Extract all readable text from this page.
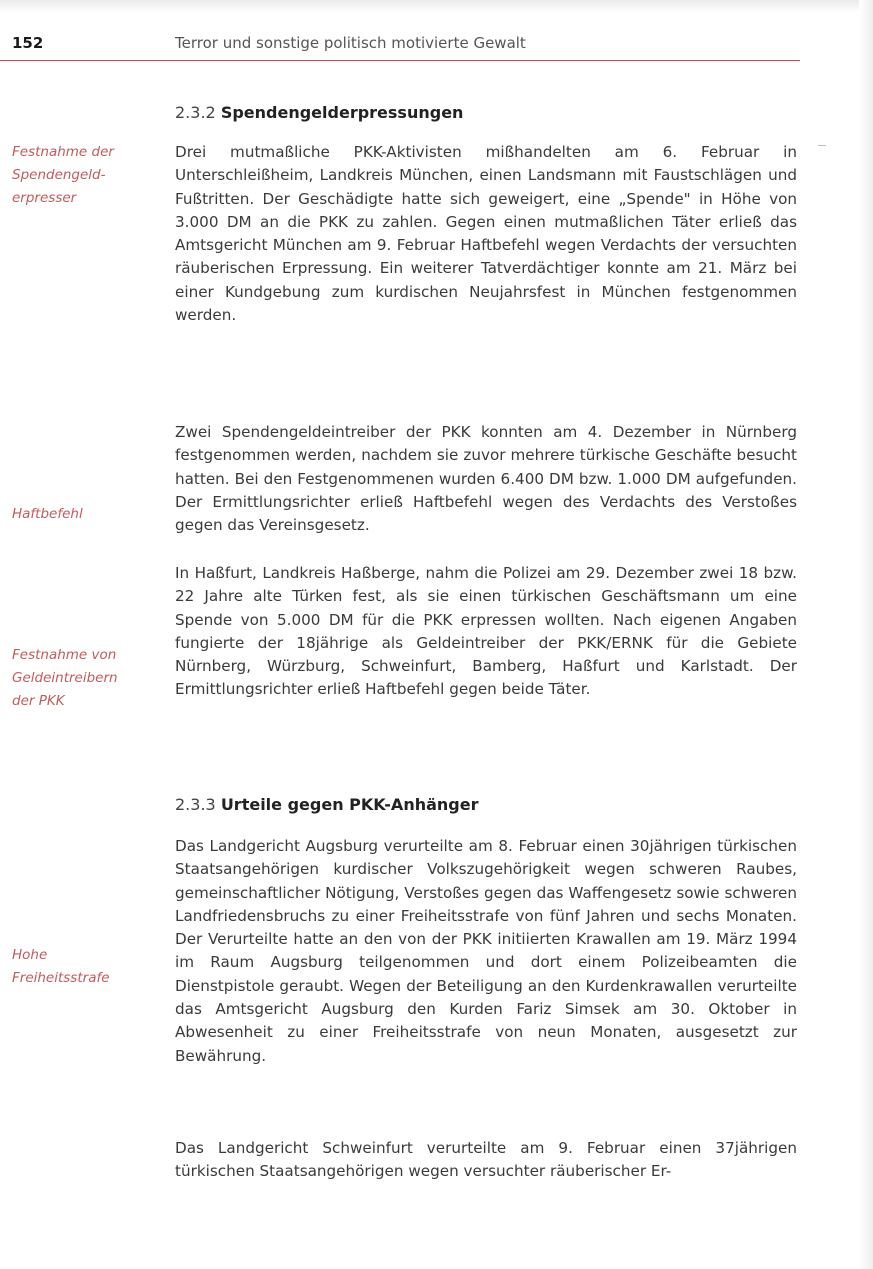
152	Terror und sonstige politisch motivierte Gewalt
2.3.2 Spendengelderpressungen

Drei mutmaßliche PKK-Aktivisten mißhandelten am 6. Februar in Unterschleißheim, Landkreis München, einen Landsmann mit Faustschlägen und Fußtritten. Der Geschädigte hatte sich geweigert, eine „Spende" in Höhe von 3.000 DM an die PKK zu zahlen. Gegen einen mutmaßlichen Täter erließ das Amtsgericht München am 9. Februar Haftbefehl wegen Verdachts der versuchten räuberischen Erpressung. Ein weiterer Tatverdächtiger konnte am 21. März bei einer Kundgebung zum kurdischen Neujahrsfest in München festgenommen werden.

Zwei Spendengeldeintreiber der PKK konnten am 4. Dezember in Nürnberg festgenommen werden, nachdem sie zuvor mehrere türkische Geschäfte besucht hatten. Bei den Festgenommenen wurden 6.400 DM bzw. 1.000 DM aufgefunden. Der Ermittlungsrichter erließ Haftbefehl wegen des Verdachts des Verstoßes gegen das Vereinsgesetz.

In Haßfurt, Landkreis Haßberge, nahm die Polizei am 29. Dezember zwei 18 bzw. 22 Jahre alte Türken fest, als sie einen türkischen Geschäftsmann um eine Spende von 5.000 DM für die PKK erpressen wollten. Nach eigenen Angaben fungierte der 18jährige als Geldeintreiber der PKK/ERNK für die Gebiete Nürnberg, Würzburg, Schweinfurt, Bamberg, Haßfurt und Karlstadt. Der Ermittlungsrichter erließ Haftbefehl gegen beide Täter.

2.3.3 Urteile gegen PKK-Anhänger

Das Landgericht Augsburg verurteilte am 8. Februar einen 30jährigen türkischen Staatsangehörigen kurdischer Volkszugehörigkeit wegen schweren Raubes, gemeinschaftlicher Nötigung, Verstoßes gegen das Waffengesetz sowie schweren Landfriedensbruchs zu einer Freiheitsstrafe von fünf Jahren und sechs Monaten. Der Verurteilte hatte an den von der PKK initiierten Krawallen am 19. März 1994 im Raum Augsburg teilgenommen und dort einem Polizeibeamten die Dienstpistole geraubt. Wegen der Beteiligung an den Kurdenkrawallen verurteilte das Amtsgericht Augsburg den Kurden Fariz Simsek am 30. Oktober in Abwesenheit zu einer Freiheitsstrafe von neun Monaten, ausgesetzt zur Bewährung.

Das Landgericht Schweinfurt verurteilte am 9. Februar einen 37jährigen türkischen Staatsangehörigen wegen versuchter räuberischer Er-

Festnahme der Spendengeld-erpresser

Haftbefehl

Festnahme von Geldeintreibern der PKK

Hohe Freiheitsstrafe
